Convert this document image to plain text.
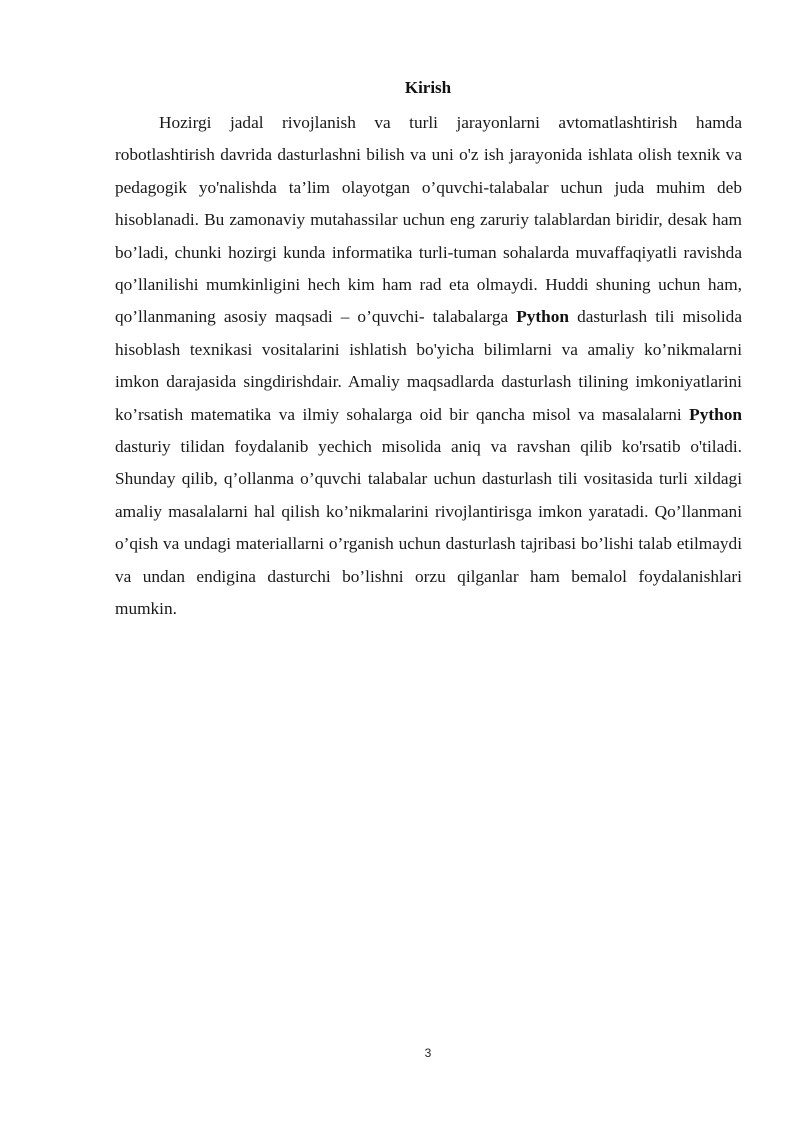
Kirish

Hozirgi jadal rivojlanish va turli jarayonlarni avtomatlashtirish hamda robotlashtirish davrida dasturlashni bilish va uni o'z ish jarayonida ishlata olish texnik va pedagogik yo'nalishda ta’lim olayotgan o’quvchi-talabalar uchun juda muhim deb hisoblanadi. Bu zamonaviy mutahassilar uchun eng zaruriy talablardan biridir, desak ham bo’ladi, chunki hozirgi kunda informatika turli-tuman sohalarda muvaffaqiyatli ravishda qo’llanilishi mumkinligini hech kim ham rad eta olmaydi. Huddi shuning uchun ham, qo’llanmaning asosiy maqsadi – o’quvchi- talabalarga Python dasturlash tili misolida hisoblash texnikasi vositalarini ishlatish bo'yicha bilimlarni va amaliy ko’nikmalarni imkon darajasida singdirishdair. Amaliy maqsadlarda dasturlash tilining imkoniyatlarini ko’rsatish matematika va ilmiy sohalarga oid bir qancha misol va masalalarni Python dasturiy tilidan foydalanib yechich misolida aniq va ravshan qilib ko'rsatib o'tiladi. Shunday qilib, q’ollanma o’quvchi talabalar uchun dasturlash tili vositasida turli xildagi amaliy masalalarni hal qilish ko’nikmalarini rivojlantirisga imkon yaratadi. Qo’llanmani o’qish va undagi materiallarni o’rganish uchun dasturlash tajribasi bo’lishi talab etilmaydi va undan endigina dasturchi bo’lishni orzu qilganlar ham bemalol foydalanishlari mumkin.

3
